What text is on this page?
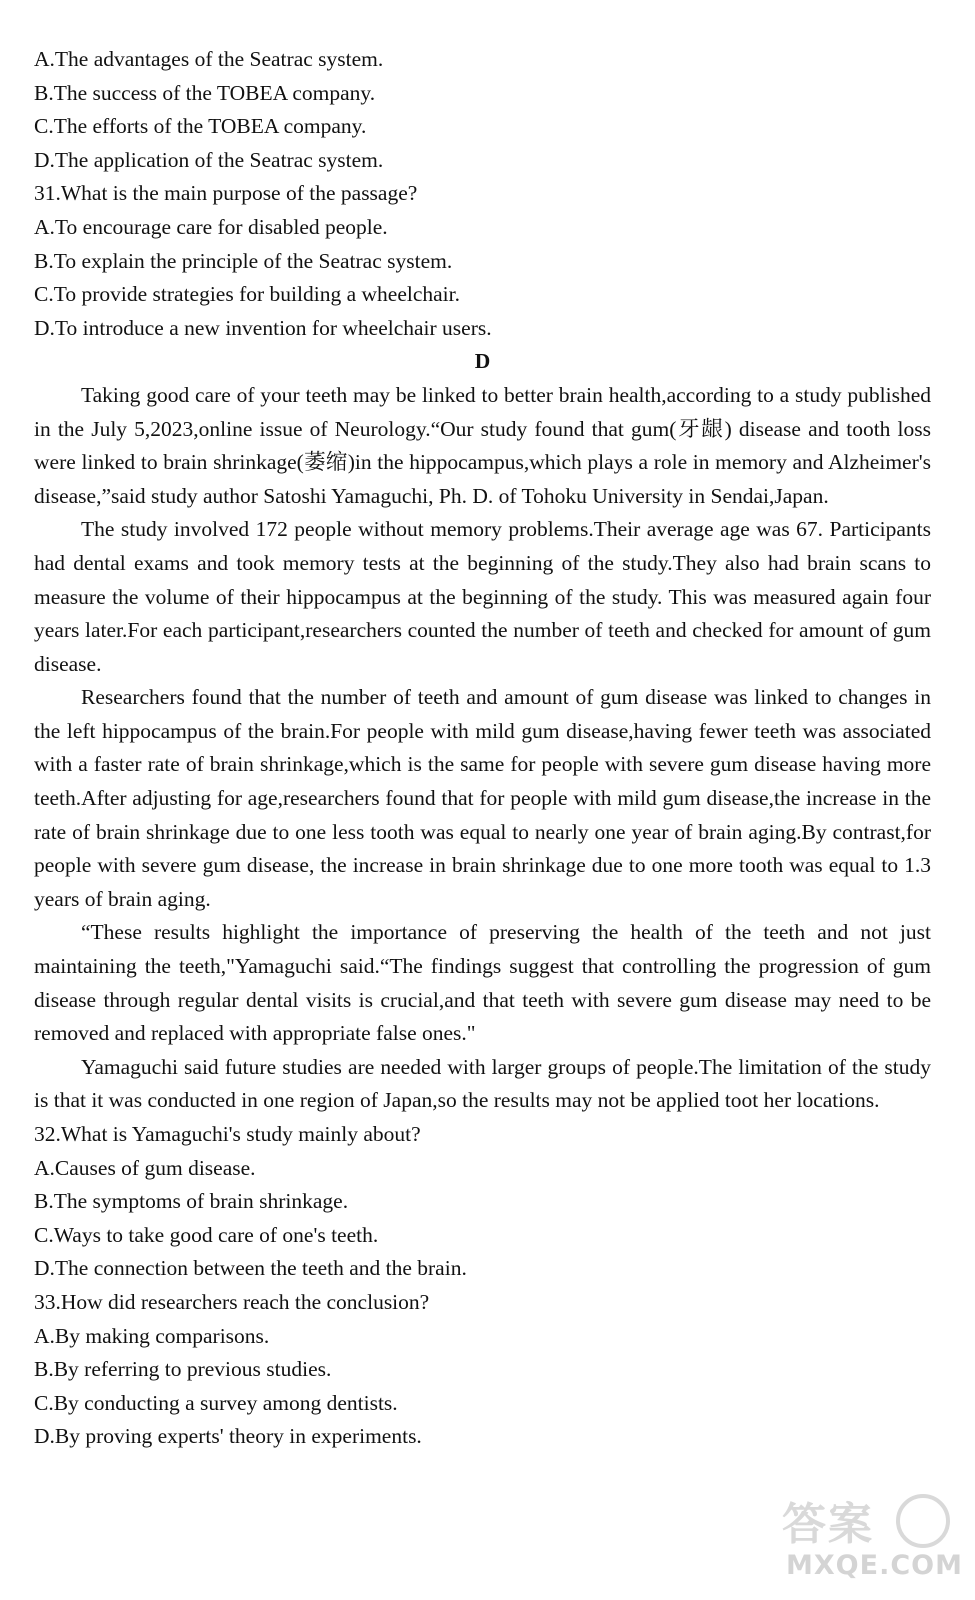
A.The advantages of the Seatrac system.

B.The success of the TOBEA company.

C.The efforts of the TOBEA company.

D.The application of the Seatrac system.

31.What is the main purpose of the passage?

A.To encourage care for disabled people.

B.To explain the principle of the Seatrac system.

C.To provide strategies for building a wheelchair.

D.To introduce a new invention for wheelchair users.

D

Taking good care of your teeth may be linked to better brain health,according to a study published in the July 5,2023,online issue of Neurology.“Our study found that gum(牙龈) disease and tooth loss were linked to brain shrinkage(萎缩)in the hippocampus,which plays a role in memory and Alzheimer's disease,”said study author Satoshi Yamaguchi, Ph. D. of Tohoku University in Sendai,Japan.

The study involved 172 people without memory problems.Their average age was 67. Participants had dental exams and took memory tests at the beginning of the study.They also had brain scans to measure the volume of their hippocampus at the beginning of the study. This was measured again four years later.For each participant,researchers counted the number of teeth and checked for amount of gum disease.

Researchers found that the number of teeth and amount of gum disease was linked to changes in the left hippocampus of the brain.For people with mild gum disease,having fewer teeth was associated with a faster rate of brain shrinkage,which is the same for people with severe gum disease having more teeth.After adjusting for age,researchers found that for people with mild gum disease,the increase in the rate of brain shrinkage due to one less tooth was equal to nearly one year of brain aging.By contrast,for people with severe gum disease, the increase in brain shrinkage due to one more tooth was equal to 1.3 years of brain aging.

“These results highlight the importance of preserving the health of the teeth and not just maintaining the teeth,"Yamaguchi said.“The findings suggest that controlling the progression of gum disease through regular dental visits is crucial,and that teeth with severe gum disease may need to be removed and replaced with appropriate false ones."

Yamaguchi said future studies are needed with larger groups of people.The limitation of the study is that it was conducted in one region of Japan,so the results may not be applied toot her locations.

32.What is Yamaguchi's study mainly about?

A.Causes of gum disease.

B.The symptoms of brain shrinkage.

C.Ways to take good care of one's teeth.

D.The connection between the teeth and the brain.

33.How did researchers reach the conclusion?

A.By making comparisons.

B.By referring to previous studies.

C.By conducting a survey among dentists.

D.By proving experts' theory in experiments.

答案
MXQE.COM
